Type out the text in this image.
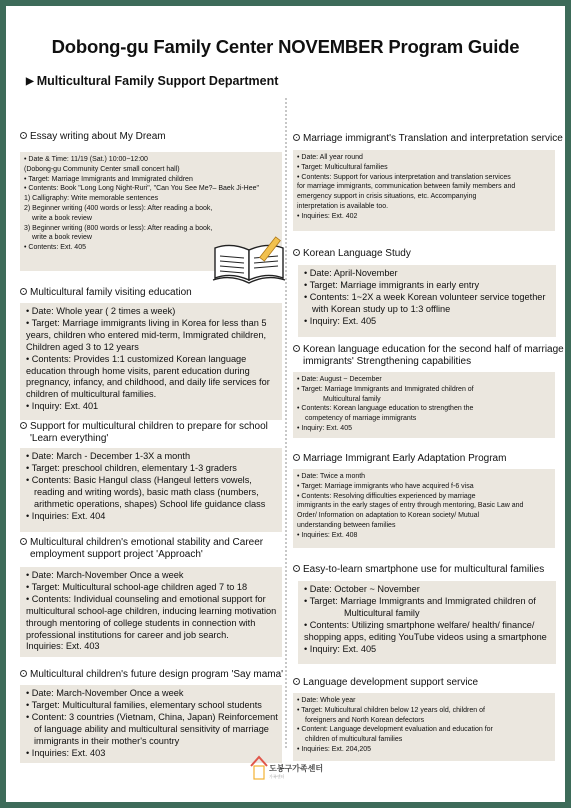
Dobong-gu Family Center NOVEMBER Program Guide
▶ Multicultural Family Support Department
Essay writing about My Dream
• Date & Time: 11/19 (Sat.) 10:00~12:00
(Dobong-gu Community Center small concert hall)
• Target: Marriage Immigrants and Immigrated children
• Contents: Book "Long Long Night-Ruri", "Can You See Me?– Baek Ji-Hee"
1) Calligraphy: Write memorable sentences
2) Beginner writing (400 words or less): After reading a book,
write a book review
3) Beginner writing (800 words or less): After reading a book,
write a book review
• Contents: Ext. 405
Multicultural family visiting education
• Date: Whole year ( 2 times a week)
• Target: Marriage immigrants living in Korea for less than 5
years, children who entered mid-term, Immigrated children,
Children aged 3 to 12 years
• Contents: Provides 1:1 customized Korean language
education through home visits, parent education during
pregnancy, infancy, and childhood, and daily life services for
children of multicultural families.
• Inquiry: Ext. 401
Support for multicultural children to prepare for school
'Learn everything'
• Date: March - December 1-3X a month
• Target: preschool children, elementary 1-3 graders
• Contents: Basic Hangul class (Hangeul letters vowels,
reading and writing words), basic math class (numbers,
arithmetic operations, shapes) School life guidance class
• Inquiries: Ext. 404
Multicultural children's emotional stability and Career
employment support project 'Approach'
• Date: March-November Once a week
• Target: Multicultural school-age children aged 7 to 18
• Contents: Individual counseling and emotional support for
multicultural school-age children, inducing learning motivation
through mentoring of college students in connection with
professional institutions for career and job search.
Inquiries: Ext. 403
Multicultural children's future design program 'Say mama'
• Date: March-November Once a week
• Target: Multicultural families, elementary school students
• Content: 3 countries (Vietnam, China, Japan) Reinforcement
of language ability and multicultural sensitivity of marriage
immigrants in their mother's country
• Inquiries: Ext. 403
Marriage immigrant's Translation and interpretation service
• Date: All year round
• Target: Multicultural families
• Contents: Support for various interpretation and translation services
for marriage immigrants, communication between family members and
emergency support in crisis situations, etc. Accompanying
interpretation is available too.
• Inquiries: Ext. 402
Korean Language Study
• Date: April-November
• Target: Marriage immigrants in early entry
• Contents: 1~2X a week Korean volunteer service together
with Korean study up to 1:3 offline
• Inquiry: Ext. 405
Korean language education for the second half of marriage
immigrants' Strengthening capabilities
• Date: August ~ December
• Target: Marriage Immigrants and Immigrated children of
Multicultural family
• Contents: Korean language education to strengthen the
competency of marriage immigrants
• Inquiry: Ext. 405
Marriage Immigrant Early Adaptation Program
• Date: Twice a month
• Target: Marriage immigrants who have acquired f-6 visa
• Contents: Resolving difficulties experienced by marriage
immigrants in the early stages of entry through mentoring, Basic Law and
Order/ Information on adaptation to Korean society/ Mutual
understanding between families
• Inquiries: Ext. 408
Easy-to-learn smartphone use for multicultural families
• Date: October ~ November
• Target: Marriage Immigrants and Immigrated children of
Multicultural family
• Contents: Utilizing smartphone welfare/ health/ finance/
shopping apps, editing YouTube videos using a smartphone
• Inquiry: Ext. 405
Language development support service
• Date: Whole year
• Target: Multicultural children below 12 years old, children of
foreigners and North Korean defectors
• Content: Language development evaluation and education for
children of multicultural families
• Inquiries: Ext. 204,205
도봉구가족센터
가족센터
